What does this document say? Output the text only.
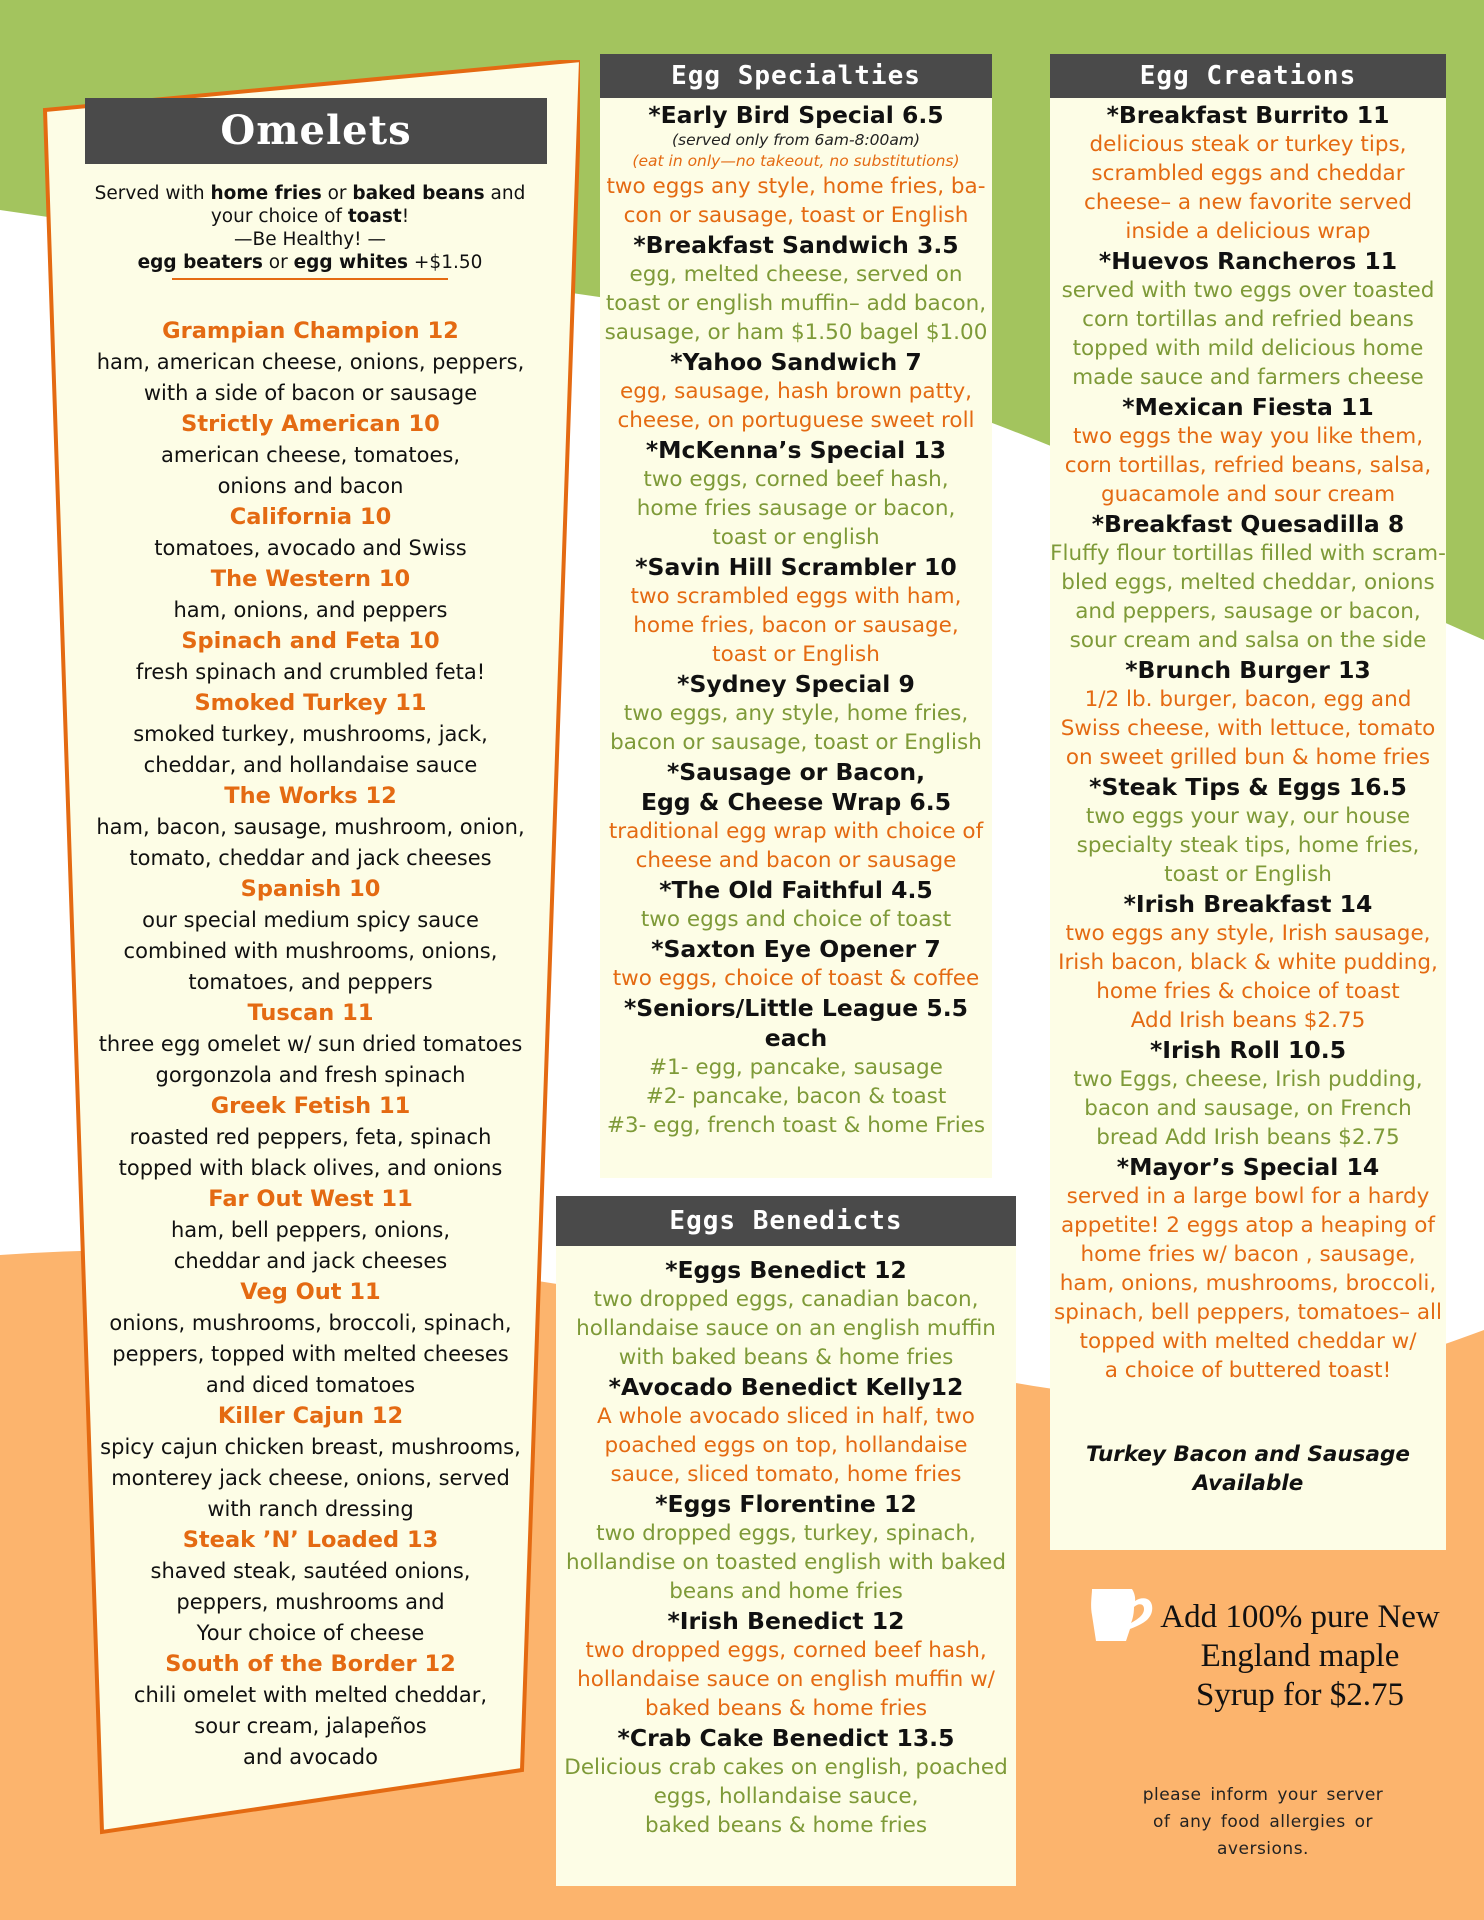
Omelets
Served with home fries or baked beans and
your choice of toast!
—Be Healthy! —
egg beaters or egg whites +$1.50
Grampian Champion 12
ham, american cheese, onions, peppers,
with a side of bacon or sausage
Strictly American 10
american cheese, tomatoes,
onions and bacon
California 10
tomatoes, avocado and Swiss
The Western 10
ham, onions, and peppers
Spinach and Feta 10
fresh spinach and crumbled feta!
Smoked Turkey 11
smoked turkey, mushrooms, jack,
cheddar, and hollandaise sauce
The Works 12
ham, bacon, sausage, mushroom, onion,
tomato, cheddar and jack cheeses
Spanish 10
our special medium spicy sauce
combined with mushrooms, onions,
tomatoes, and peppers
Tuscan 11
three egg omelet w/ sun dried tomatoes
gorgonzola and fresh spinach
Greek Fetish 11
roasted red peppers, feta, spinach
topped with black olives, and onions
Far Out West 11
ham, bell peppers, onions,
cheddar and jack cheeses
Veg Out 11
onions, mushrooms, broccoli, spinach,
peppers, topped with melted cheeses
and diced tomatoes
Killer Cajun 12
spicy cajun chicken breast, mushrooms,
monterey jack cheese, onions, served
with ranch dressing
Steak ’N’ Loaded 13
shaved steak, sautéed onions,
peppers, mushrooms and
Your choice of cheese
South of the Border 12
chili omelet with melted cheddar,
sour cream, jalapeños
and avocado
Egg Specialties
*Early Bird Special 6.5
(served only from 6am-8:00am)
(eat in only—no takeout, no substitutions)
two eggs any style, home fries, ba-
con or sausage, toast or English
*Breakfast Sandwich 3.5
egg, melted cheese, served on
toast or english muffin– add bacon,
sausage, or ham $1.50 bagel $1.00
*Yahoo Sandwich 7
egg, sausage, hash brown patty,
cheese, on portuguese sweet roll
*McKenna’s Special 13
two eggs, corned beef hash,
home fries sausage or bacon,
toast or english
*Savin Hill Scrambler 10
two scrambled eggs with ham,
home fries, bacon or sausage,
toast or English
*Sydney Special 9
two eggs, any style, home fries,
bacon or sausage, toast or English
*Sausage or Bacon,
Egg & Cheese Wrap 6.5
traditional egg wrap with choice of
cheese and bacon or sausage
*The Old Faithful 4.5
two eggs and choice of toast
*Saxton Eye Opener 7
two eggs, choice of toast & coffee
*Seniors/Little League 5.5 each
#1- egg, pancake, sausage
#2- pancake, bacon & toast
#3- egg, french toast & home Fries
Eggs Benedicts
*Eggs Benedict 12
two dropped eggs, canadian bacon,
hollandaise sauce on an english muffin
with baked beans & home fries
*Avocado Benedict Kelly12
A whole avocado sliced in half, two
poached eggs on top, hollandaise
sauce, sliced tomato, home fries
*Eggs Florentine 12
two dropped eggs, turkey, spinach,
hollandise on toasted english with baked
beans and home fries
*Irish Benedict 12
two dropped eggs, corned beef hash,
hollandaise sauce on english muffin w/
baked beans & home fries
*Crab Cake Benedict 13.5
Delicious crab cakes on english, poached
eggs, hollandaise sauce,
baked beans & home fries
Egg Creations
*Breakfast Burrito 11
delicious steak or turkey tips,
scrambled eggs and cheddar
cheese– a new favorite served
inside a delicious wrap
*Huevos Rancheros 11
served with two eggs over toasted
corn tortillas and refried beans
topped with mild delicious home
made sauce and farmers cheese
*Mexican Fiesta 11
two eggs the way you like them,
corn tortillas, refried beans, salsa,
guacamole and sour cream
*Breakfast Quesadilla 8
Fluffy flour tortillas filled with scram-
bled eggs, melted cheddar, onions
and peppers, sausage or bacon,
sour cream and salsa on the side
*Brunch Burger 13
1/2 lb. burger, bacon, egg and
Swiss cheese, with lettuce, tomato
on sweet grilled bun & home fries
*Steak Tips & Eggs 16.5
two eggs your way, our house
specialty steak tips, home fries,
toast or English
*Irish Breakfast 14
two eggs any style, Irish sausage,
Irish bacon, black & white pudding,
home fries & choice of toast
Add Irish beans $2.75
*Irish Roll 10.5
two Eggs, cheese, Irish pudding,
bacon and sausage, on French
bread Add Irish beans $2.75
*Mayor’s Special 14
served in a large bowl for a hardy
appetite! 2 eggs atop a heaping of
home fries w/ bacon , sausage,
ham, onions, mushrooms, broccoli,
spinach, bell peppers, tomatoes– all
topped with melted cheddar w/
a choice of buttered toast!
Turkey Bacon and Sausage
Available
Add 100% pure New
England maple
Syrup for $2.75
please inform your server
of any food allergies or
aversions.
